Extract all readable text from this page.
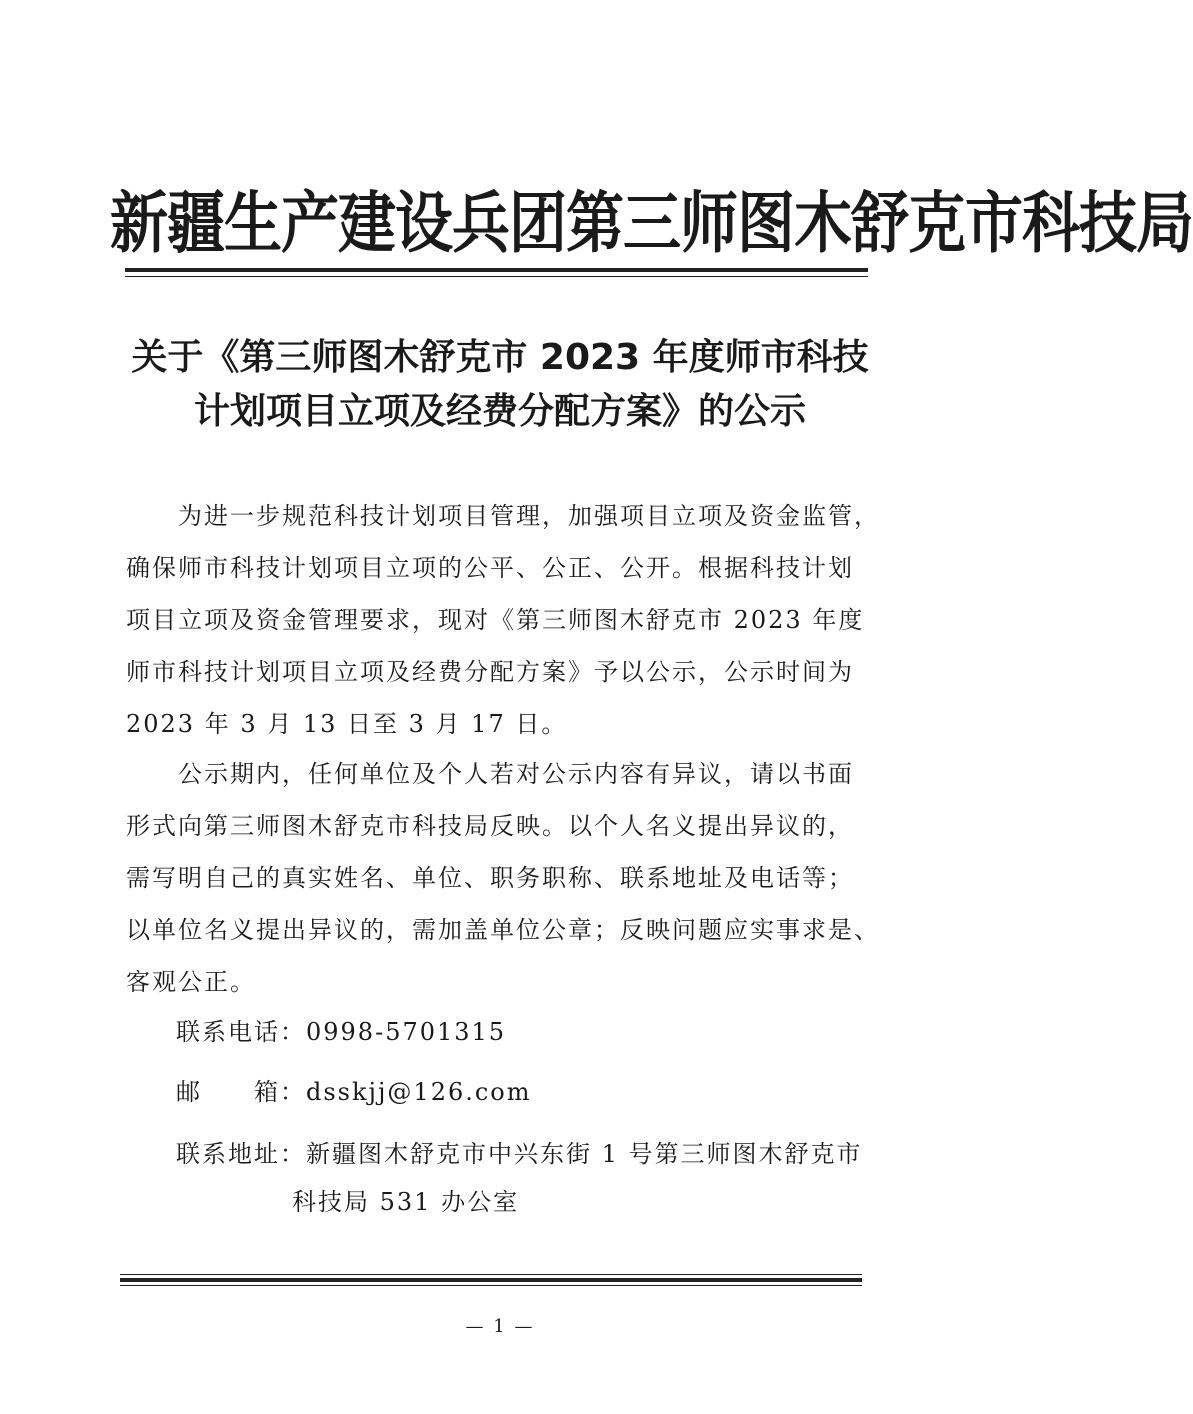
新疆生产建设兵团第三师图木舒克市科技局
关于《第三师图木舒克市 2023 年度师市科技
计划项目立项及经费分配方案》的公示
　　为进一步规范科技计划项目管理，加强项目立项及资金监管，
确保师市科技计划项目立项的公平、公正、公开。根据科技计划
项目立项及资金管理要求，现对《第三师图木舒克市 2023 年度
师市科技计划项目立项及经费分配方案》予以公示，公示时间为
2023 年 3 月 13 日至 3 月 17 日。
　　公示期内，任何单位及个人若对公示内容有异议，请以书面
形式向第三师图木舒克市科技局反映。以个人名义提出异议的，
需写明自己的真实姓名、单位、职务职称、联系地址及电话等；
以单位名义提出异议的，需加盖单位公章；反映问题应实事求是、
客观公正。
联系电话：0998-5701315
邮　　箱：dsskjj@126.com
联系地址：新疆图木舒克市中兴东街 1 号第三师图木舒克市
科技局 531 办公室
— 1 —
